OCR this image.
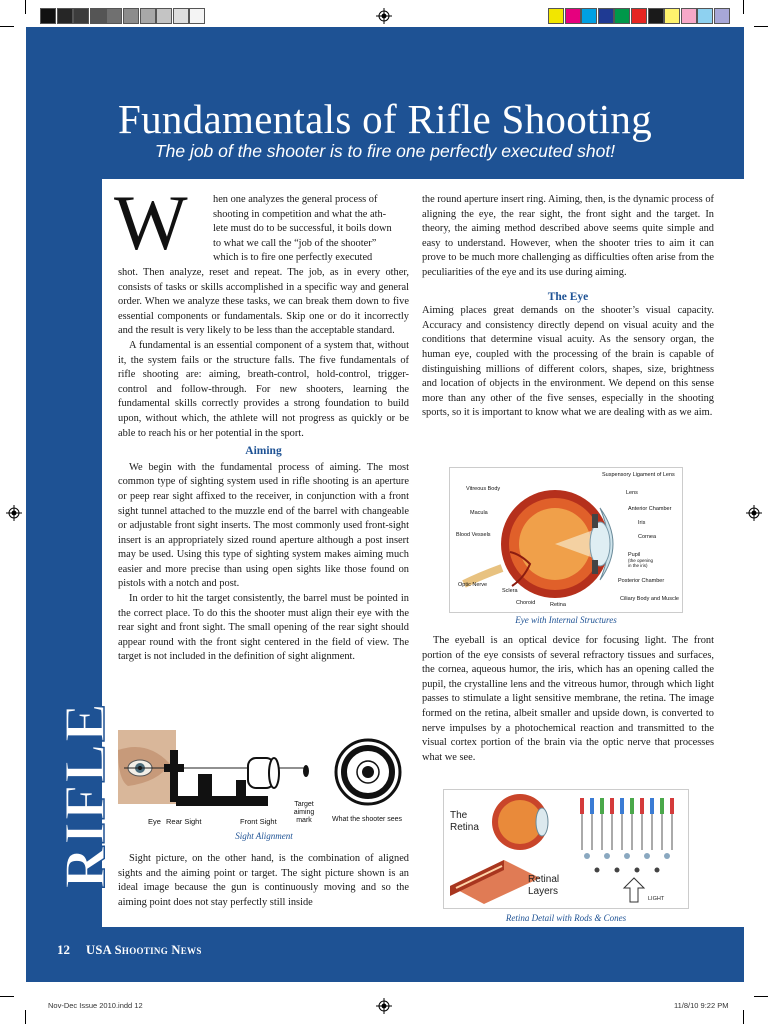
Fundamentals of Rifle Shooting

The job of the shooter is to fire one perfectly executed shot!

RIFLE
12 USA Shooting News
W hen one analyzes the general process of

shooting in competition and what the ath-

lete must do to be successful, it boils down

to what we call the “job of the shooter”

which is to fire one perfectly executed

shot. Then analyze, reset and repeat. The job, as in every other, consists of tasks or skills accomplished in a specific way and general order. When we analyze these tasks, we can break them down to five essential components or fundamentals. Skip one or do it incorrectly and the result is very likely to be less than the acceptable standard.

A fundamental is an essential component of a system that, without it, the system fails or the structure falls. The five fundamentals of rifle shooting are: aiming, breath-control, hold-control, trigger-control and follow-through. For new shooters, learning the fundamental skills correctly provides a strong foundation to build upon, without which, the athlete will not progress as quickly or be able to reach his or her potential in the sport.

Aiming

We begin with the fundamental process of aiming. The most common type of sighting system used in rifle shooting is an aperture or peep rear sight affixed to the receiver, in conjunction with a front sight tunnel attached to the muzzle end of the barrel with changeable or adjustable front sight inserts. The most commonly used front-sight insert is an appropriately sized round aperture although a post insert may be used. Using this type of sighting system makes aiming much easier and more precise than using open sights like those found on pistols with a notch and post.

In order to hit the target consistently, the barrel must be pointed in the correct place. To do this the shooter must align their eye with the rear sight and front sight. The small opening of the rear sight should appear round with the front sight centered in the field of view. The target is not included in the definition of sight alignment.

Eye Rear Sight	Front Sight
Target
aiming
mark	What the shooter sees
Sight Alignment
Sight picture, on the other hand, is the combination of aligned sights and the aiming point or target. The sight picture shown is an ideal image because the gun is continuously moving and so the aiming point does not stay perfectly still inside

the round aperture insert ring. Aiming, then, is the dynamic process of aligning the eye, the rear sight, the front sight and the target. In theory, the aiming method described above seems quite simple and easy to understand. However, when the shooter tries to aim it can prove to be much more challenging as difficulties often arise from the peculiarities of the eye and its use during aiming.

The Eye

Aiming places great demands on the shooter’s visual capacity. Accuracy and consistency directly depend on visual acuity and the conditions that determine visual acuity. As the sensory organ, the human eye, coupled with the processing of the brain is capable of distinguishing millions of different colors, shapes, size, brightness and location of objects in the environment. We depend on this sense more than any other of the five senses, especially in the shooting sports, so it is important to know what we are dealing with as we aim.

Suspensory Ligament of Lens
Vitreous Body
Lens
Macula
Anterior Chamber
Iris
Blood Vessels	Cornea
Pupil
(the opening
in the iris)
Optic Nerve
Posterior Chamber
Sclera
Ciliary Body and Muscle
Choroid	Retina
Eye with Internal Structures
The eyeball is an optical device for focusing light. The front portion of the eye consists of several refractory tissues and surfaces, the cornea, aqueous humor, the iris, which has an opening called the pupil, the crystalline lens and the vitreous humor, through which light passes to stimulate a light sensitive membrane, the retina. The image formed on the retina, albeit smaller and upside down, is converted to nerve impulses by a photochemical reaction and transmitted to the visual cortex portion of the brain via the optic nerve that processes what we see.
The
Retina
Retinal
Layers
LIGHT
Retina Detail with Rods & Cones
Nov-Dec Issue 2010.indd 12	11/8/10 9:22 PM
